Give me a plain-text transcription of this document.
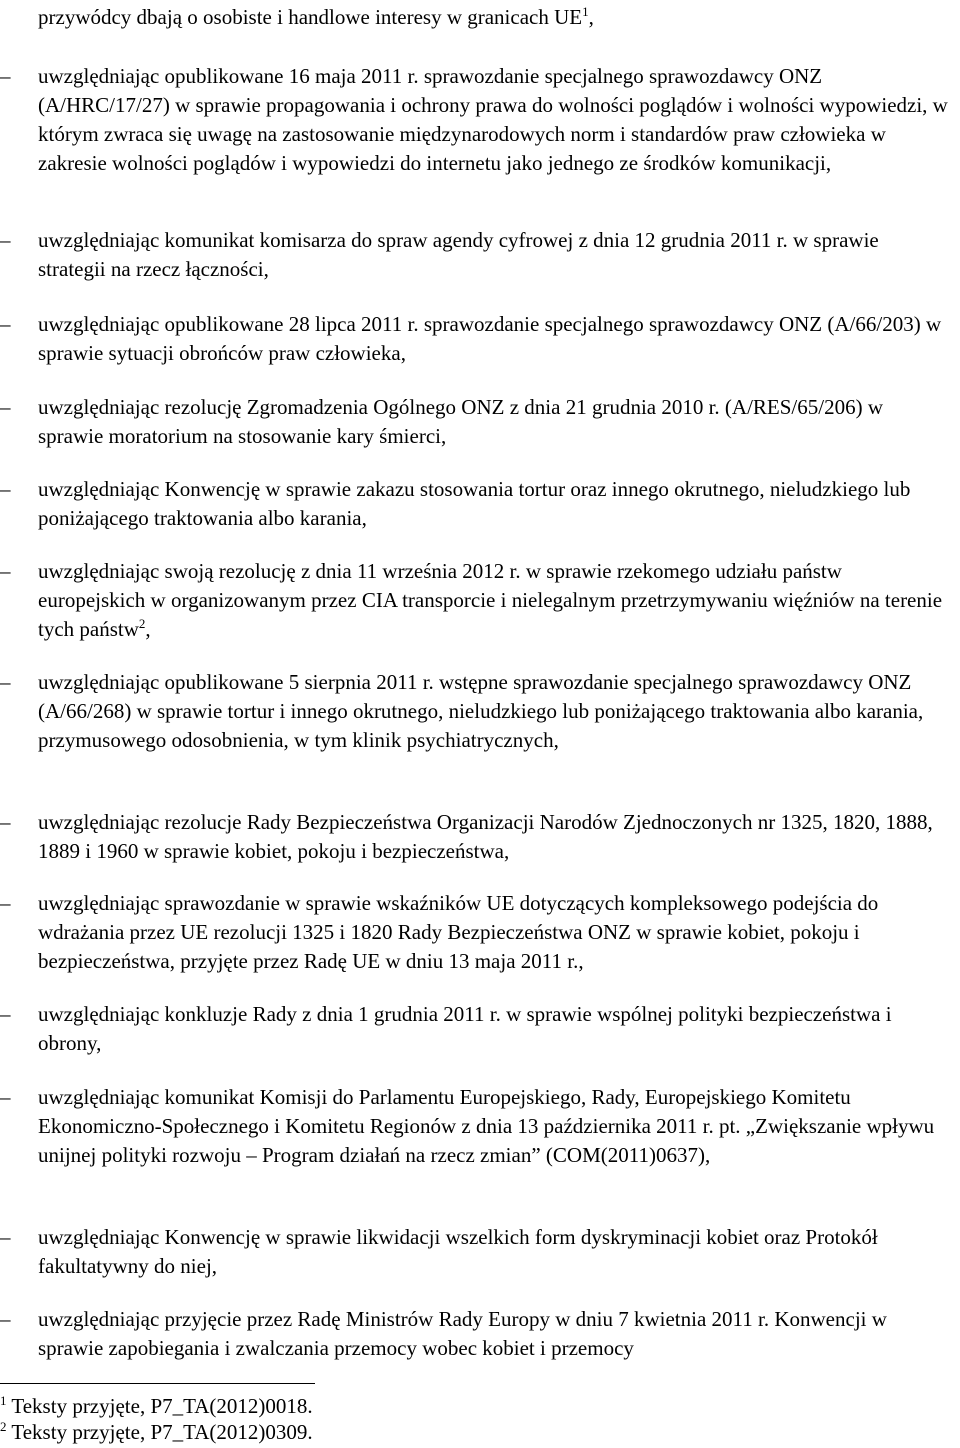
przywódcy dbają o osobiste i handlowe interesy w granicach $UE^1$,

–	uwzględniając opublikowane 16 maja 2011 r. sprawozdanie specjalnego sprawozdawcy ONZ (A/HRC/17/27) w sprawie propagowania i ochrony prawa do wolności poglądów i wolności wypowiedzi, w którym zwraca się uwagę na zastosowanie międzynarodowych norm i standardów praw człowieka w zakresie wolności poglądów i wypowiedzi do internetu jako jednego ze środków komunikacji,

–	uwzględniając komunikat komisarza do spraw agendy cyfrowej z dnia 12 grudnia 2011 r. w sprawie strategii na rzecz łączności,

–	uwzględniając opublikowane 28 lipca 2011 r. sprawozdanie specjalnego sprawozdawcy ONZ (A/66/203) w sprawie sytuacji obrońców praw człowieka,

–	uwzględniając rezolucję Zgromadzenia Ogólnego ONZ z dnia 21 grudnia 2010 r. (A/RES/65/206) w sprawie moratorium na stosowanie kary śmierci,

–	uwzględniając Konwencję w sprawie zakazu stosowania tortur oraz innego okrutnego, nieludzkiego lub poniżającego traktowania albo karania,

–	uwzględniając swoją rezolucję z dnia 11 września 2012 r. w sprawie rzekomego udziału państw europejskich w organizowanym przez CIA transporcie i nielegalnym przetrzymywaniu więźniów na terenie tych państw$^2$,

–	uwzględniając opublikowane 5 sierpnia 2011 r. wstępne sprawozdanie specjalnego sprawozdawcy ONZ (A/66/268) w sprawie tortur i innego okrutnego, nieludzkiego lub poniżającego traktowania albo karania, przymusowego odosobnienia, w tym klinik psychiatrycznych,

–	uwzględniając rezolucje Rady Bezpieczeństwa Organizacji Narodów Zjednoczonych nr 1325, 1820, 1888, 1889 i 1960 w sprawie kobiet, pokoju i bezpieczeństwa,

–	uwzględniając sprawozdanie w sprawie wskaźników UE dotyczących kompleksowego podejścia do wdrażania przez UE rezolucji 1325 i 1820 Rady Bezpieczeństwa ONZ w sprawie kobiet, pokoju i bezpieczeństwa, przyjęte przez Radę UE w dniu 13 maja 2011 r.,

–	uwzględniając konkluzje Rady z dnia 1 grudnia 2011 r. w sprawie wspólnej polityki bezpieczeństwa i obrony,

–	uwzględniając komunikat Komisji do Parlamentu Europejskiego, Rady, Europejskiego Komitetu Ekonomiczno-Społecznego i Komitetu Regionów z dnia 13 października 2011 r. pt. „Zwiększanie wpływu unijnej polityki rozwoju – Program działań na rzecz zmian” (COM(2011)0637),

–	uwzględniając Konwencję w sprawie likwidacji wszelkich form dyskryminacji kobiet oraz Protokół fakultatywny do niej,

–	uwzględniając przyjęcie przez Radę Ministrów Rady Europy w dniu 7 kwietnia 2011 r. Konwencji w sprawie zapobiegania i zwalczania przemocy wobec kobiet i przemocy

$^1$ Teksty przyjęte, P7_TA(2012)0018.
$^2$ Teksty przyjęte, P7_TA(2012)0309.
